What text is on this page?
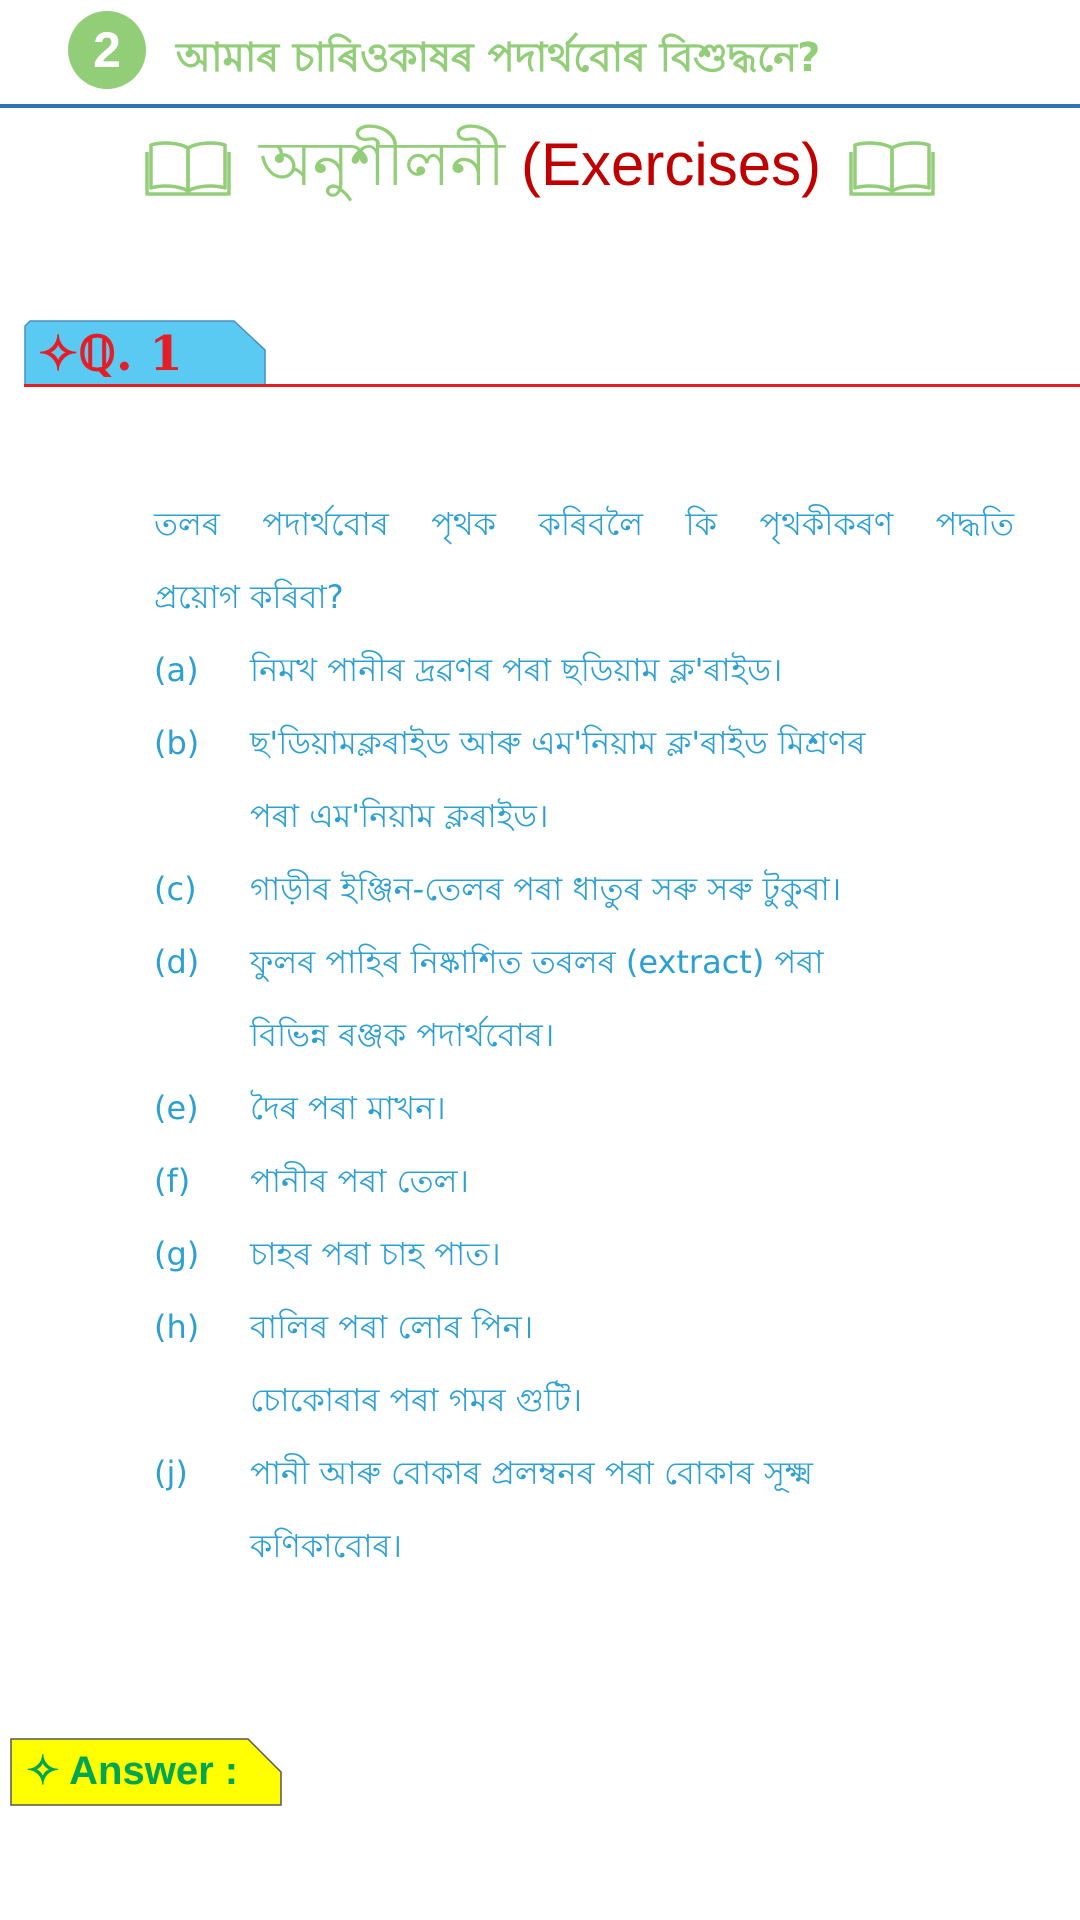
2	আমাৰ চাৰিওকাষৰ পদাৰ্থবোৰ বিশুদ্ধনে?
অনুশীলনী (Exercises)
✧ℚ. 1
তলৰ পদাৰ্থবোৰ পৃথক কৰিবলৈ কি পৃথকীকৰণ পদ্ধতি
প্ৰয়োগ কৰিবা?
(a)	নিমখ পানীৰ দ্ৰৱণৰ পৰা ছডিয়াম ক্ল'ৰাইড।
(b)	ছ'ডিয়ামক্লৰাইড আৰু এম'নিয়াম ক্ল'ৰাইড মিশ্ৰণৰ
পৰা এম'নিয়াম ক্লৰাইড।
(c)	গাড়ীৰ ইঞ্জিন-তেলৰ পৰা ধাতুৰ সৰু সৰু টুকুৰা।
(d)	ফুলৰ পাহিৰ নিষ্কাশিত তৰলৰ (extract) পৰা
বিভিন্ন ৰঞ্জক পদাৰ্থবোৰ।
(e)	দৈৰ পৰা মাখন।
(f)	পানীৰ পৰা তেল।
(g)	চাহৰ পৰা চাহ পাত।
(h)	বালিৰ পৰা লোৰ পিন।
চোকোৰাৰ পৰা গমৰ গুটি।
(j)	পানী আৰু বোকাৰ প্ৰলম্বনৰ পৰা বোকাৰ সূক্ষ্ম
কণিকাবোৰ।
✧ Answer :
